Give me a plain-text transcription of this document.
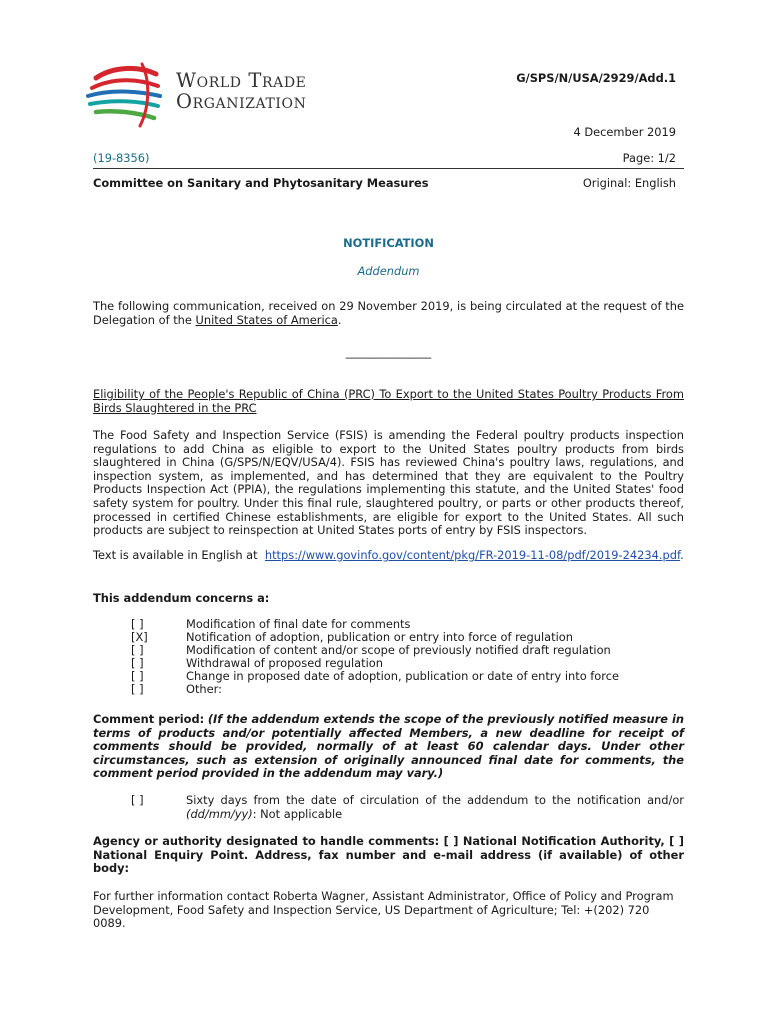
World Trade
Organization
G/SPS/N/USA/2929/Add.1
4 December 2019
(19-8356)	Page: 1/2
Committee on Sanitary and Phytosanitary Measures	Original: English
NOTIFICATION
Addendum
The following communication, received on 29 November 2019, is being circulated at the request of the Delegation of the United States of America.
_______________
Eligibility of the People's Republic of China (PRC) To Export to the United States Poultry Products From Birds Slaughtered in the PRC
The Food Safety and Inspection Service (FSIS) is amending the Federal poultry products inspection regulations to add China as eligible to export to the United States poultry products from birds slaughtered in China (G/SPS/N/EQV/USA/4). FSIS has reviewed China's poultry laws, regulations, and inspection system, as implemented, and has determined that they are equivalent to the Poultry Products Inspection Act (PPIA), the regulations implementing this statute, and the United States' food safety system for poultry. Under this final rule, slaughtered poultry, or parts or other products thereof, processed in certified Chinese establishments, are eligible for export to the United States. All such products are subject to reinspection at United States ports of entry by FSIS inspectors.
Text is available in English at https://www.govinfo.gov/content/pkg/FR-2019-11-08/pdf/2019-24234.pdf.
This addendum concerns a:
[ ]	Modification of final date for comments
[X]	Notification of adoption, publication or entry into force of regulation
[ ]	Modification of content and/or scope of previously notified draft regulation
[ ]	Withdrawal of proposed regulation
[ ]	Change in proposed date of adoption, publication or date of entry into force
[ ]	Other:
Comment period: (If the addendum extends the scope of the previously notified measure in terms of products and/or potentially affected Members, a new deadline for receipt of comments should be provided, normally of at least 60 calendar days. Under other circumstances, such as extension of originally announced final date for comments, the comment period provided in the addendum may vary.)
[ ]	Sixty days from the date of circulation of the addendum to the notification and/or (dd/mm/yy): Not applicable
Agency or authority designated to handle comments: [ ] National Notification Authority, [ ] National Enquiry Point. Address, fax number and e-mail address (if available) of other body:
For further information contact Roberta Wagner, Assistant Administrator, Office of Policy and Program Development, Food Safety and Inspection Service, US Department of Agriculture; Tel: +(202) 720 0089.
